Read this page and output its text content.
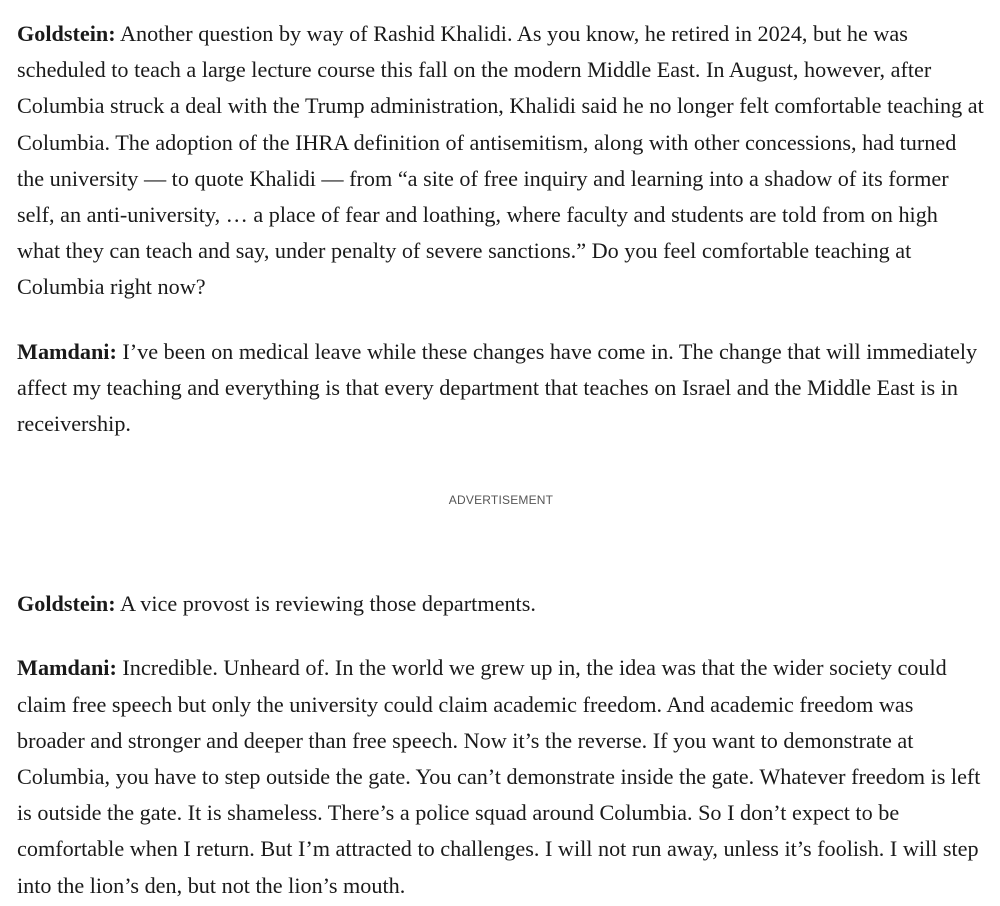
Goldstein: Another question by way of Rashid Khalidi. As you know, he retired in 2024, but he was scheduled to teach a large lecture course this fall on the modern Middle East. In August, however, after Columbia struck a deal with the Trump administration, Khalidi said he no longer felt comfortable teaching at Columbia. The adoption of the IHRA definition of antisemitism, along with other concessions, had turned the university — to quote Khalidi — from “a site of free inquiry and learning into a shadow of its former self, an anti-university, … a place of fear and loathing, where faculty and students are told from on high what they can teach and say, under penalty of severe sanctions.” Do you feel comfortable teaching at Columbia right now?

Mamdani: I’ve been on medical leave while these changes have come in. The change that will immediately affect my teaching and everything is that every department that teaches on Israel and the Middle East is in receivership.

ADVERTISEMENT

Goldstein: A vice provost is reviewing those departments.

Mamdani: Incredible. Unheard of. In the world we grew up in, the idea was that the wider society could claim free speech but only the university could claim academic freedom. And academic freedom was broader and stronger and deeper than free speech. Now it’s the reverse. If you want to demonstrate at Columbia, you have to step outside the gate. You can’t demonstrate inside the gate. Whatever freedom is left is outside the gate. It is shameless. There’s a police squad around Columbia. So I don’t expect to be comfortable when I return. But I’m attracted to challenges. I will not run away, unless it’s foolish. I will step into the lion’s den, but not the lion’s mouth.
